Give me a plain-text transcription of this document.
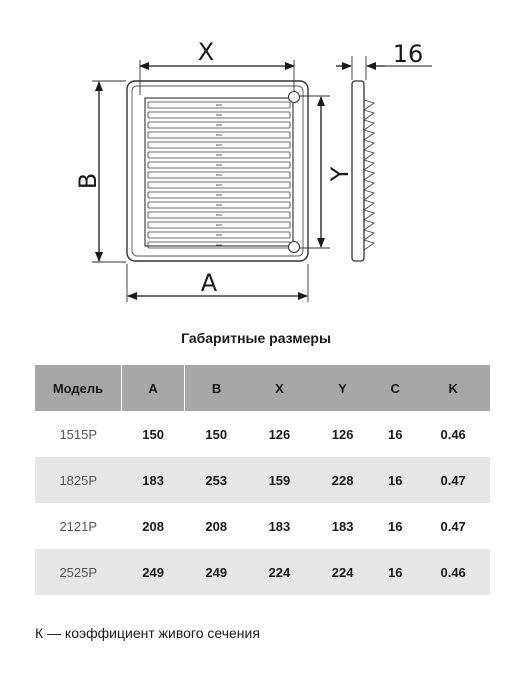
X
B	Y
A
16
Габаритные размеры
Модель	A	B	X	Y	C	K
1515Р	150	150	126	126	16	0.46
1825Р	183	253	159	228	16	0.47
2121Р	208	208	183	183	16	0.47
2525Р	249	249	224	224	16	0.46
К — коэффициент живого сечения
